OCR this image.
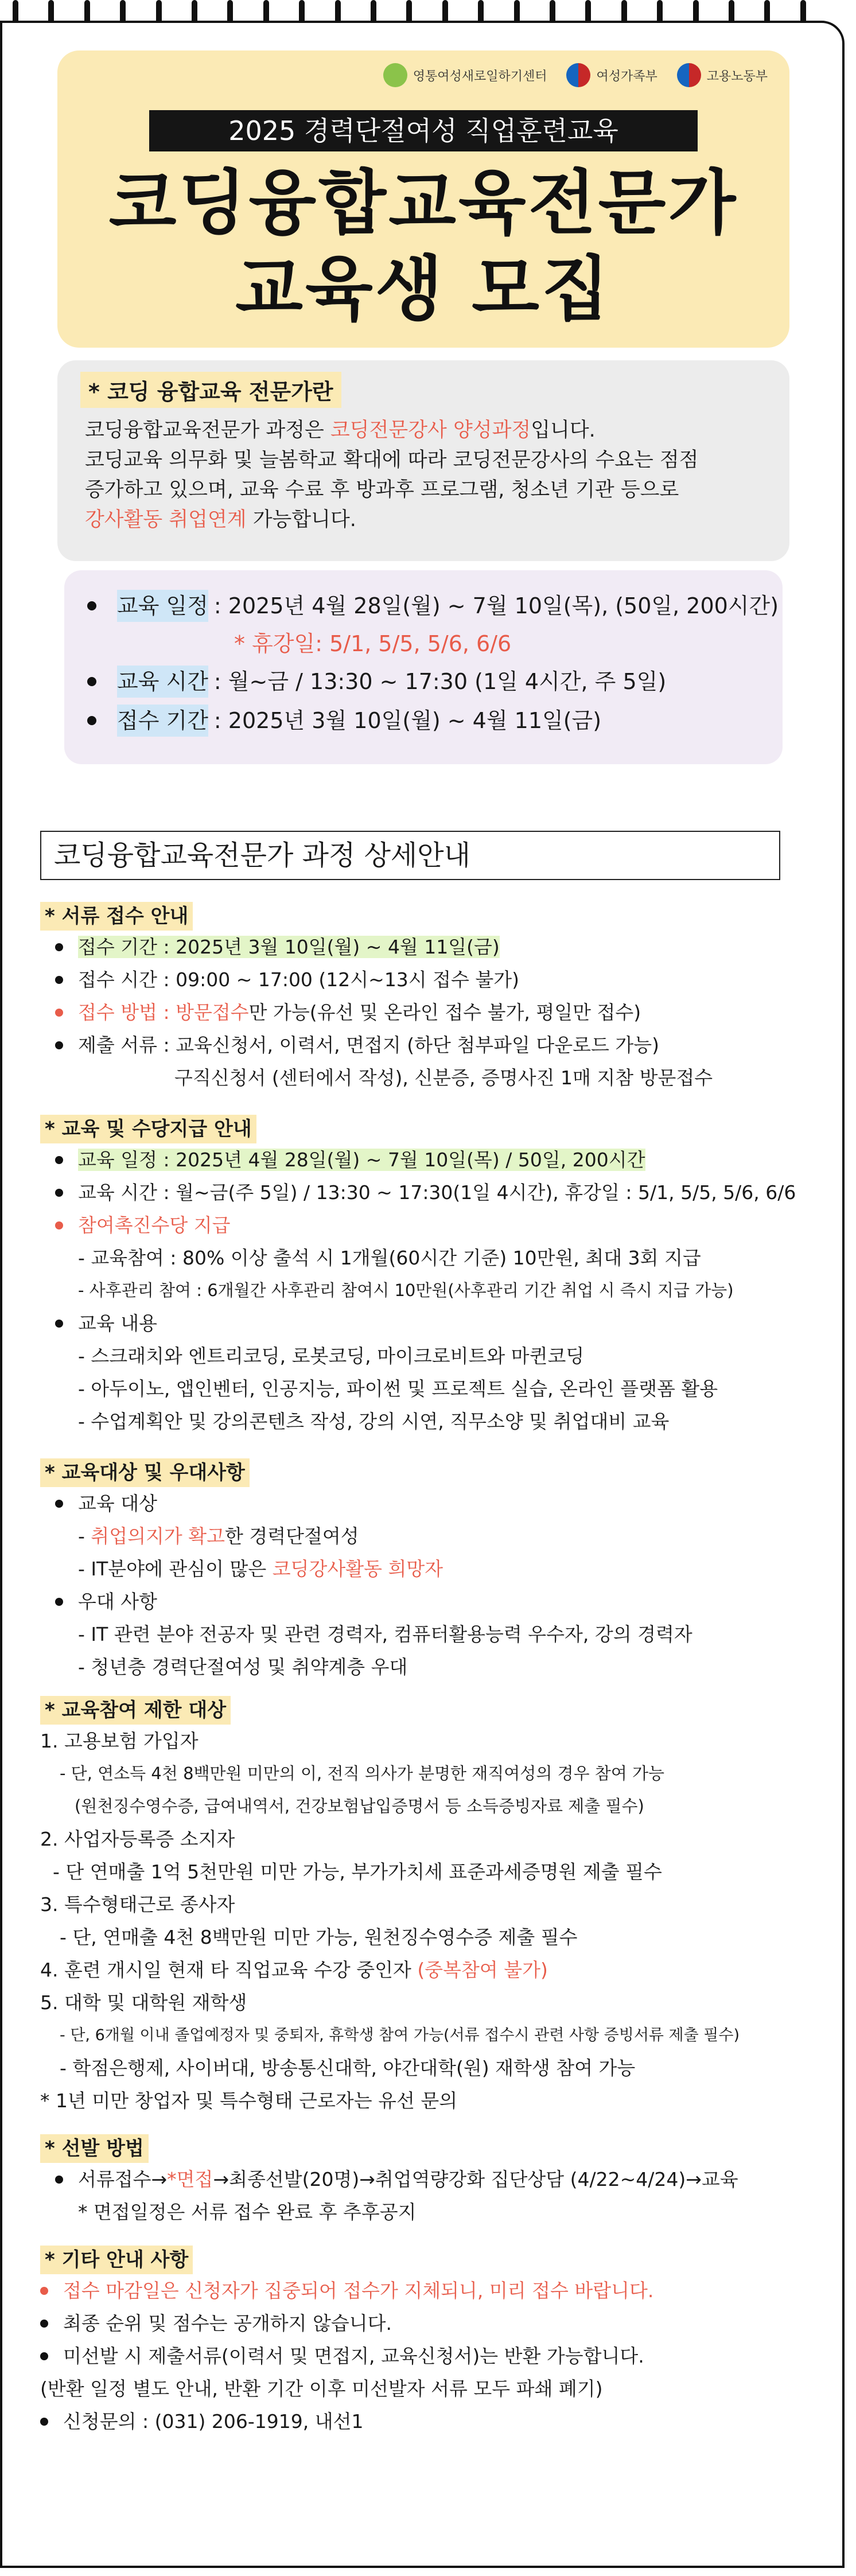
영통여성새로일하기센터	여성가족부	고용노동부
2025 경력단절여성 직업훈련교육
코딩융합교육전문가
교육생 모집
* 코딩 융합교육 전문가란
코딩융합교육전문가 과정은 코딩전문강사 양성과정입니다.
코딩교육 의무화 및 늘봄학교 확대에 따라 코딩전문강사의 수요는 점점
증가하고 있으며, 교육 수료 후 방과후 프로그램, 청소년 기관 등으로
강사활동 취업연계 가능합니다.
교육 일정 : 2025년 4월 28일(월) ~ 7월 10일(목), (50일, 200시간)
* 휴강일 : 5/1, 5/5, 5/6, 6/6
교육 시간 : 월~금 / 13:30 ~ 17:30 (1일 4시간, 주 5일)
접수 기간 : 2025년 3월 10일(월) ~ 4월 11일(금)
코딩융합교육전문가 과정 상세안내
* 서류 접수 안내
접수 기간 : 2025년 3월 10일(월) ~ 4월 11일(금)
접수 시간 : 09:00 ~ 17:00 (12시~13시 접수 불가)
접수 방법 : 방문접수만 가능(유선 및 온라인 접수 불가, 평일만 접수)
제출 서류 : 교육신청서, 이력서, 면접지 (하단 첨부파일 다운로드 가능)
구직신청서 (센터에서 작성), 신분증, 증명사진 1매 지참 방문접수
* 교육 및 수당지급 안내
교육 일정 : 2025년 4월 28일(월) ~ 7월 10일(목) / 50일, 200시간
교육 시간 : 월~금(주 5일) / 13:30 ~ 17:30(1일 4시간), 휴강일 : 5/1, 5/5, 5/6, 6/6
참여촉진수당 지급
- 교육참여 : 80% 이상 출석 시 1개월(60시간 기준) 10만원, 최대 3회 지급
- 사후관리 참여 : 6개월간 사후관리 참여시 10만원(사후관리 기간 취업 시 즉시 지급 가능)
교육 내용
- 스크래치와 엔트리코딩, 로봇코딩, 마이크로비트와 마퀸코딩
- 아두이노, 앱인벤터, 인공지능, 파이썬 및 프로젝트 실습, 온라인 플랫폼 활용
- 수업계획안 및 강의콘텐츠 작성, 강의 시연, 직무소양 및 취업대비 교육
* 교육대상 및 우대사항
교육 대상
- 취업의지가 확고한 경력단절여성
- IT분야에 관심이 많은 코딩강사활동 희망자
우대 사항
- IT 관련 분야 전공자 및 관련 경력자, 컴퓨터활용능력 우수자, 강의 경력자
- 청년층 경력단절여성 및 취약계층 우대
* 교육참여 제한 대상
1. 고용보험 가입자
- 단, 연소득 4천 8백만원 미만의 이, 전직 의사가 분명한 재직여성의 경우 참여 가능
(원천징수영수증, 급여내역서, 건강보험납입증명서 등 소득증빙자료 제출 필수)
2. 사업자등록증 소지자
- 단 연매출 1억 5천만원 미만 가능, 부가가치세 표준과세증명원 제출 필수
3. 특수형태근로 종사자
- 단, 연매출 4천 8백만원 미만 가능, 원천징수영수증 제출 필수
4. 훈련 개시일 현재 타 직업교육 수강 중인자 (중복참여 불가)
5. 대학 및 대학원 재학생
- 단, 6개월 이내 졸업예정자 및 중퇴자, 휴학생 참여 가능(서류 접수시 관련 사항 증빙서류 제출 필수)
- 학점은행제, 사이버대, 방송통신대학, 야간대학(원) 재학생 참여 가능
* 1년 미만 창업자 및 특수형태 근로자는 유선 문의
* 선발 방법
서류접수→*면접→최종선발(20명)→취업역량강화 집단상담 (4/22~4/24)→교육
* 면접일정은 서류 접수 완료 후 추후공지
* 기타 안내 사항
접수 마감일은 신청자가 집중되어 접수가 지체되니, 미리 접수 바랍니다.
최종 순위 및 점수는 공개하지 않습니다.
미선발 시 제출서류(이력서 및 면접지, 교육신청서)는 반환 가능합니다.
(반환 일정 별도 안내, 반환 기간 이후 미선발자 서류 모두 파쇄 폐기)
신청문의 : (031) 206-1919, 내선1
